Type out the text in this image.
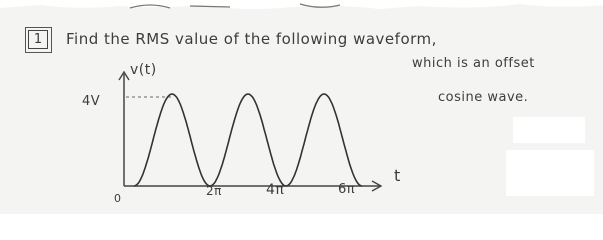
1	Find the RMS value of the following waveform,
which is an offset
cosine wave.
v(t)
4V
t
0
2π	4π	6π
